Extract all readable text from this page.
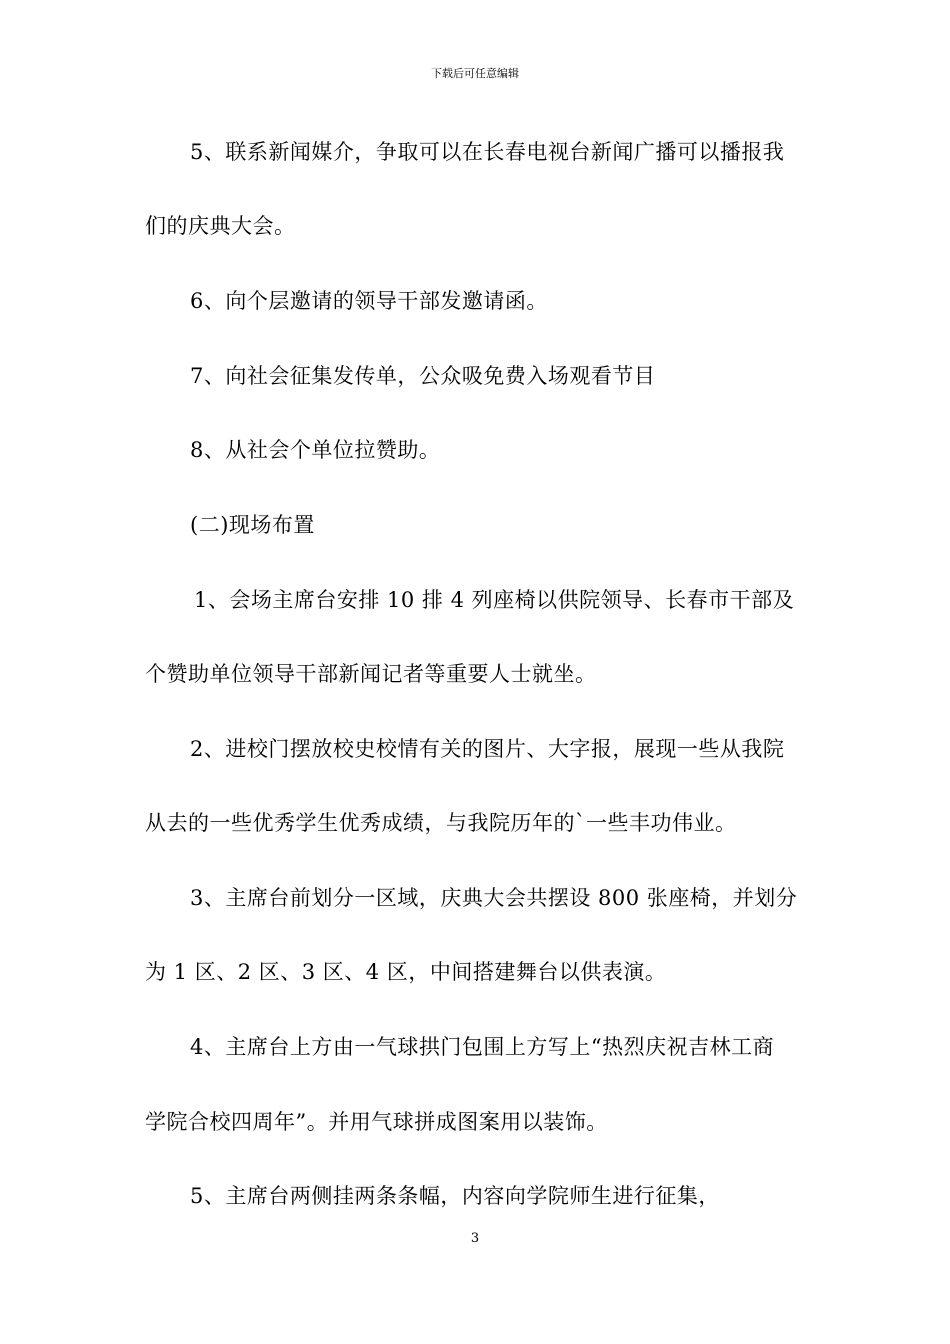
下载后可任意编辑
5、联系新闻媒介，争取可以在长春电视台新闻广播可以播报我
们的庆典大会。
6、向个层邀请的领导干部发邀请函。
7、向社会征集发传单，公众吸免费入场观看节目
8、从社会个单位拉赞助。
(二)现场布置
1、会场主席台安排 10 排 4 列座椅以供院领导、长春市干部及
个赞助单位领导干部新闻记者等重要人士就坐。
2、进校门摆放校史校情有关的图片、大字报，展现一些从我院
从去的一些优秀学生优秀成绩，与我院历年的`一些丰功伟业。
3、主席台前划分一区域，庆典大会共摆设 800 张座椅，并划分
为 1 区、2 区、3 区、4 区，中间搭建舞台以供表演。
4、主席台上方由一气球拱门包围上方写上“热烈庆祝吉林工商
学院合校四周年”。并用气球拼成图案用以装饰。
5、主席台两侧挂两条条幅，内容向学院师生进行征集，
3
